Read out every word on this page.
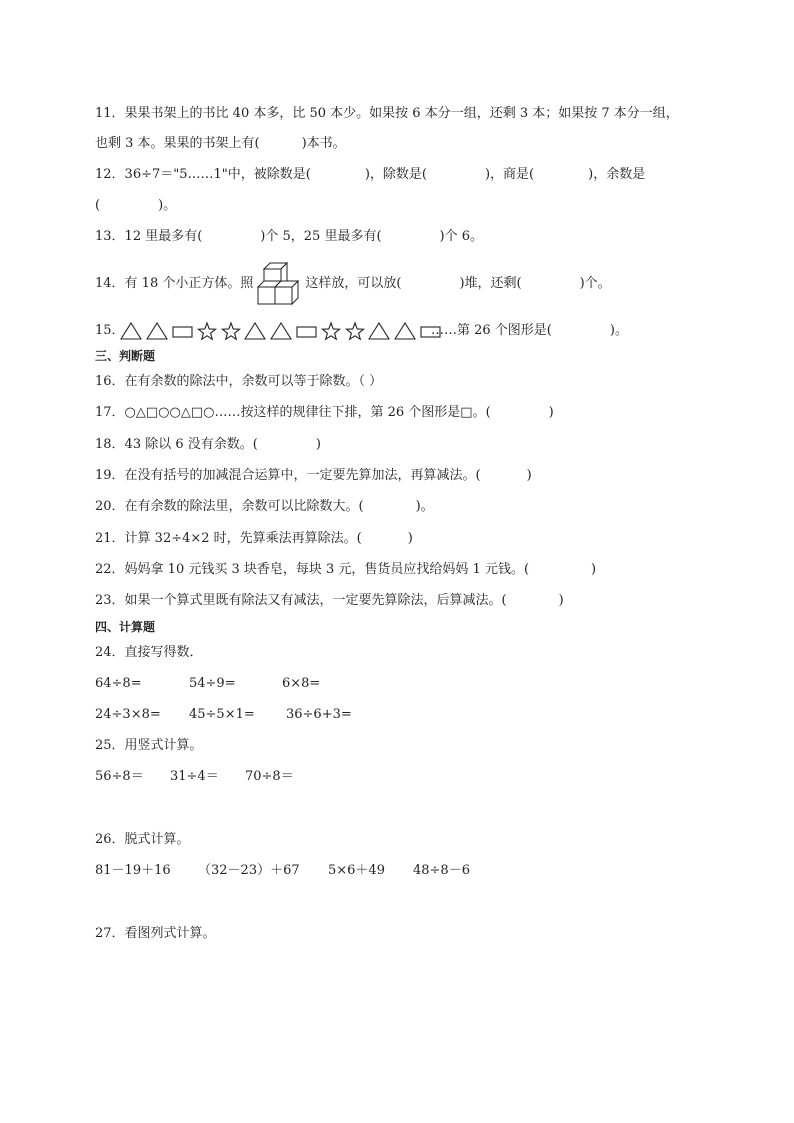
11．果果书架上的书比 40 本多，比 50 本少。如果按 6 本分一组，还剩 3 本；如果按 7 本分一组，
也剩 3 本。果果的书架上有(	)本书。
12．36÷7＝"5……1"中，被除数是(	)，除数是(	)，商是(	)，余数是
(	)。
13．12 里最多有(	)个 5，25 里最多有(	)个 6。
14．有 18 个小正方体。照	这样放，可以放(	)堆，还剩(	)个。
15．	……第 26 个图形是(	)。
三、判断题
16．在有余数的除法中，余数可以等于除数。（ ）
17．○△□○○△□○……按这样的规律往下排，第 26 个图形是□。(	)
18．43 除以 6 没有余数。(	)
19．在没有括号的加减混合运算中，一定要先算加法，再算减法。(	)
20．在有余数的除法里，余数可以比除数大。(	)。
21．计算 32÷4×2 时，先算乘法再算除法。(	)
22．妈妈拿 10 元钱买 3 块香皂，每块 3 元，售货员应找给妈妈 1 元钱。(	)
23．如果一个算式里既有除法又有减法，一定要先算除法，后算减法。(	)
四、计算题
24．直接写得数．
64÷8=	54÷9=	6×8=
24÷3×8= 45÷5×1= 36÷6+3=
25．用竖式计算。
56÷8＝ 31÷4＝ 70÷8＝
26．脱式计算。
81－19＋16 （32－23）＋67 5×6＋49 48÷8－6
27．看图列式计算。
